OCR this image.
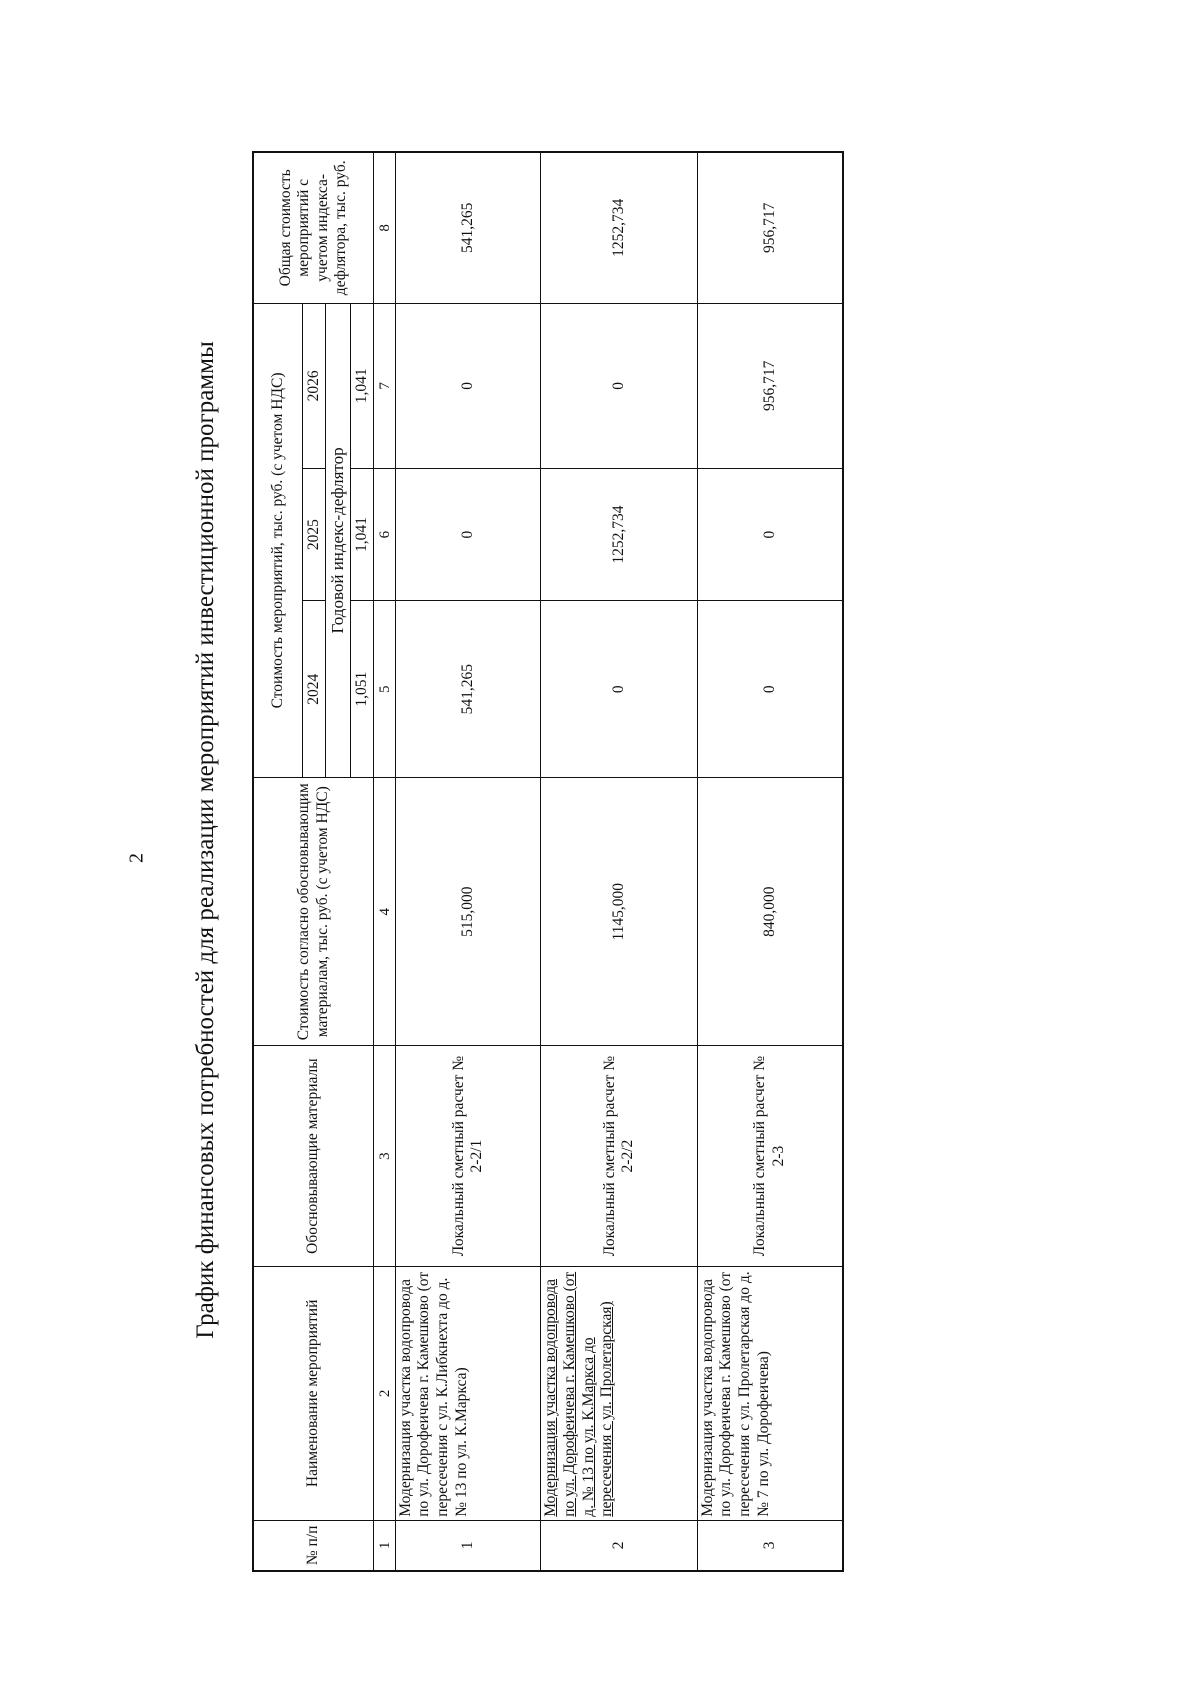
2 График финансовых потребностей для реализации мероприятий инвестиционной программы
№ п/п	Наименование мероприятий	Обосновывающие материалы	Стоимость согласно обосновывающим материалам, тыс. руб. (с учетом НДС)	Стоимость мероприятий, тыс. руб. (с учетом НДС)			Общая стоимость мероприятий с учетом индекса-дефлятора, тыс. руб.
				2024	2025	2026	
				Годовой индекс-дефлятор			
				1,051	1,041	1,041	
1	2	3	4	5	6	7	8
1	Модернизация участка водопровода по ул. Дорофеичева г. Камешково (от пересечения с ул. К.Либкнехта до д. № 13 по ул. К.Маркса)	Локальный сметный расчет № 2-2/1	515,000	541,265	0	0	541,265
2	Модернизация участка водопровода по ул. Дорофеичева г. Камешково (от д. № 13 по ул. К.Маркса до пересечения с ул. Пролетарская)	Локальный сметный расчет № 2-2/2	1145,000	0	1252,734	0	1252,734
3	Модернизация участка водопровода по ул. Дорофеичева г. Камешково (от пересечения с ул. Пролетарская до д. № 7 по ул. Дорофеичева)	Локальный сметный расчет № 2-3	840,000	0	0	956,717	956,717
